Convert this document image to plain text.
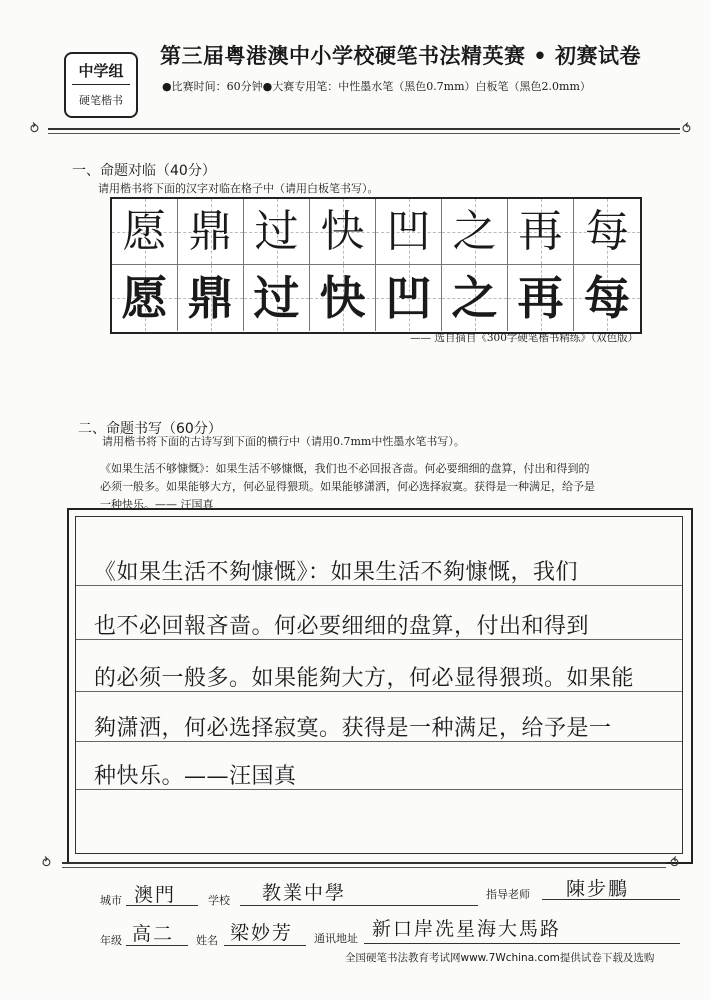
中学组
硬笔楷书
第三届粤港澳中小学校硬笔书法精英赛 • 初赛试卷
●比赛时间：60分钟●大赛专用笔：中性墨水笔（黑色0.7mm）白板笔（黑色2.0mm）
⥁	⥀
一、命题对临（40分）
请用楷书将下面的汉字对临在格子中（请用白板笔书写）。
愿 鼎 过 快 凹 之 再 每
愿 鼎 过 快 凹 之 再 每
—— 选自摘自《300字硬笔楷书精练》（双色版）
二、命题书写（60分）
请用楷书将下面的古诗写到下面的横行中（请用0.7mm中性墨水笔书写）。
《如果生活不够慷慨》：如果生活不够慷慨，我们也不必回报吝啬。何必要细细的盘算，付出和得到的
必须一般多。如果能够大方，何必显得猥琐。如果能够潇洒，何必选择寂寞。获得是一种满足，给予是
一种快乐。—— 汪国真
《如果生活不夠慷慨》：如果生活不夠慷慨，我们
也不必回報吝啬。何必要细细的盘算，付出和得到
的必须一般多。如果能夠大方，何必显得猥琐。如果能
夠潇洒，何必选择寂寞。获得是一种满足，给予是一
种快乐。——汪国真
⥁	⥀
城市 澳門	学校 教業中學	指导老师 陳步鵬
年级 高二 姓名 梁妙芳 通讯地址 新口岸冼星海大馬路
全国硬笔书法教育考试网www.7Wchina.com提供试卷下载及选购
